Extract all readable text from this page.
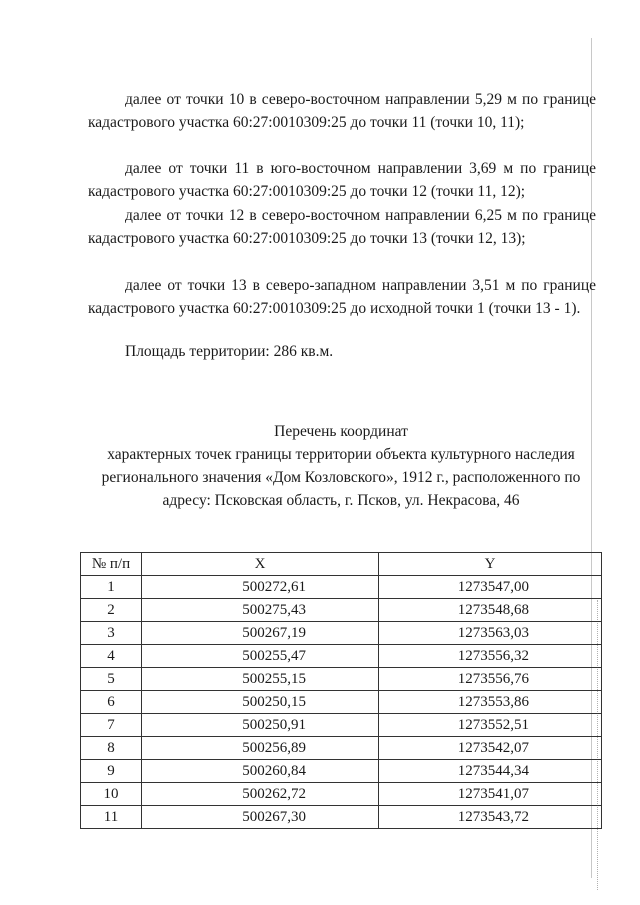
далее от точки 10 в северо-восточном направлении 5,29 м по границе кадастрового участка 60:27:0010309:25 до точки 11 (точки 10, 11);

далее от точки 11 в юго-восточном направлении 3,69 м по границе кадастрового участка 60:27:0010309:25 до точки 12 (точки 11, 12);

далее от точки 12 в северо-восточном направлении 6,25 м по границе кадастрового участка 60:27:0010309:25 до точки 13 (точки 12, 13);

далее от точки 13 в северо-западном направлении 3,51 м по границе кадастрового участка 60:27:0010309:25 до исходной точки 1 (точки 13 - 1).

Площадь территории: 286 кв.м.

Перечень координат

характерных точек границы территории объекта культурного наследия

регионального значения «Дом Козловского», 1912 г., расположенного по

адресу: Псковская область, г. Псков, ул. Некрасова, 46

№ п/п	X	Y
1	500272,61	1273547,00
2	500275,43	1273548,68
3	500267,19	1273563,03
4	500255,47	1273556,32
5	500255,15	1273556,76
6	500250,15	1273553,86
7	500250,91	1273552,51
8	500256,89	1273542,07
9	500260,84	1273544,34
10	500262,72	1273541,07
11	500267,30	1273543,72
